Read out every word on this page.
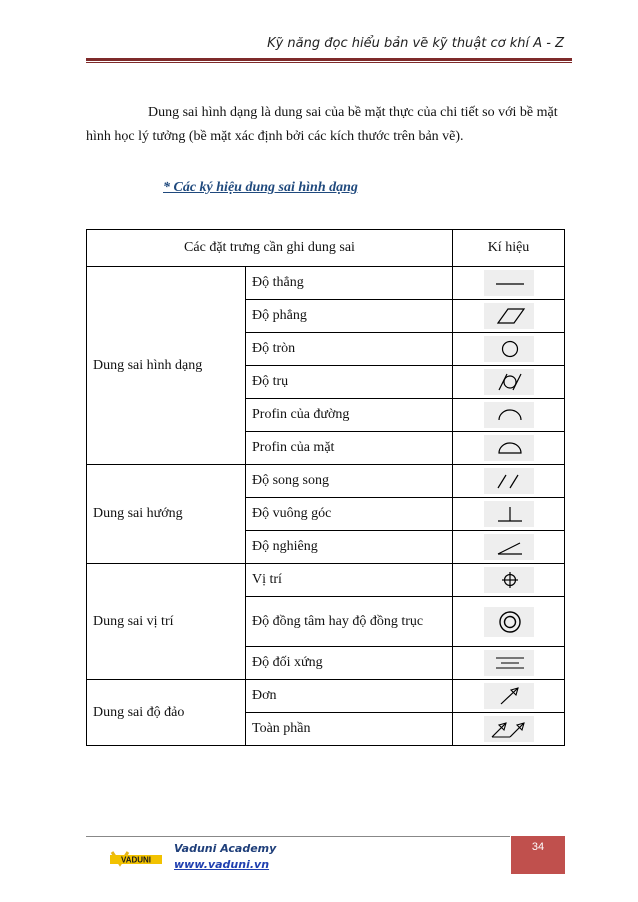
Kỹ năng đọc hiểu bản vẽ kỹ thuật cơ khí A - Z

Dung sai hình dạng là dung sai của bề mặt thực của chi tiết so với bề mặt hình học lý tưởng (bề mặt xác định bởi các kích thước trên bản vẽ).

* Các ký hiệu dung sai hình dạng
Các đặt trưng cần ghi dung sai		Kí hiệu
Dung sai hình dạng	Độ thẳng	

	Độ phẳng	

	Độ tròn	

	Độ trụ	

	Profin của đường	

	Profin của mặt	

Dung sai hướng	Độ song song	

	Độ vuông góc	

	Độ nghiêng	

Dung sai vị trí	Vị trí	

	Độ đồng tâm hay độ đồng trục	

	Độ đối xứng	

Dung sai độ đảo	Đơn	

	Toàn phần	
VADUNI
Vaduni Academy
www.vaduni.vn
34
